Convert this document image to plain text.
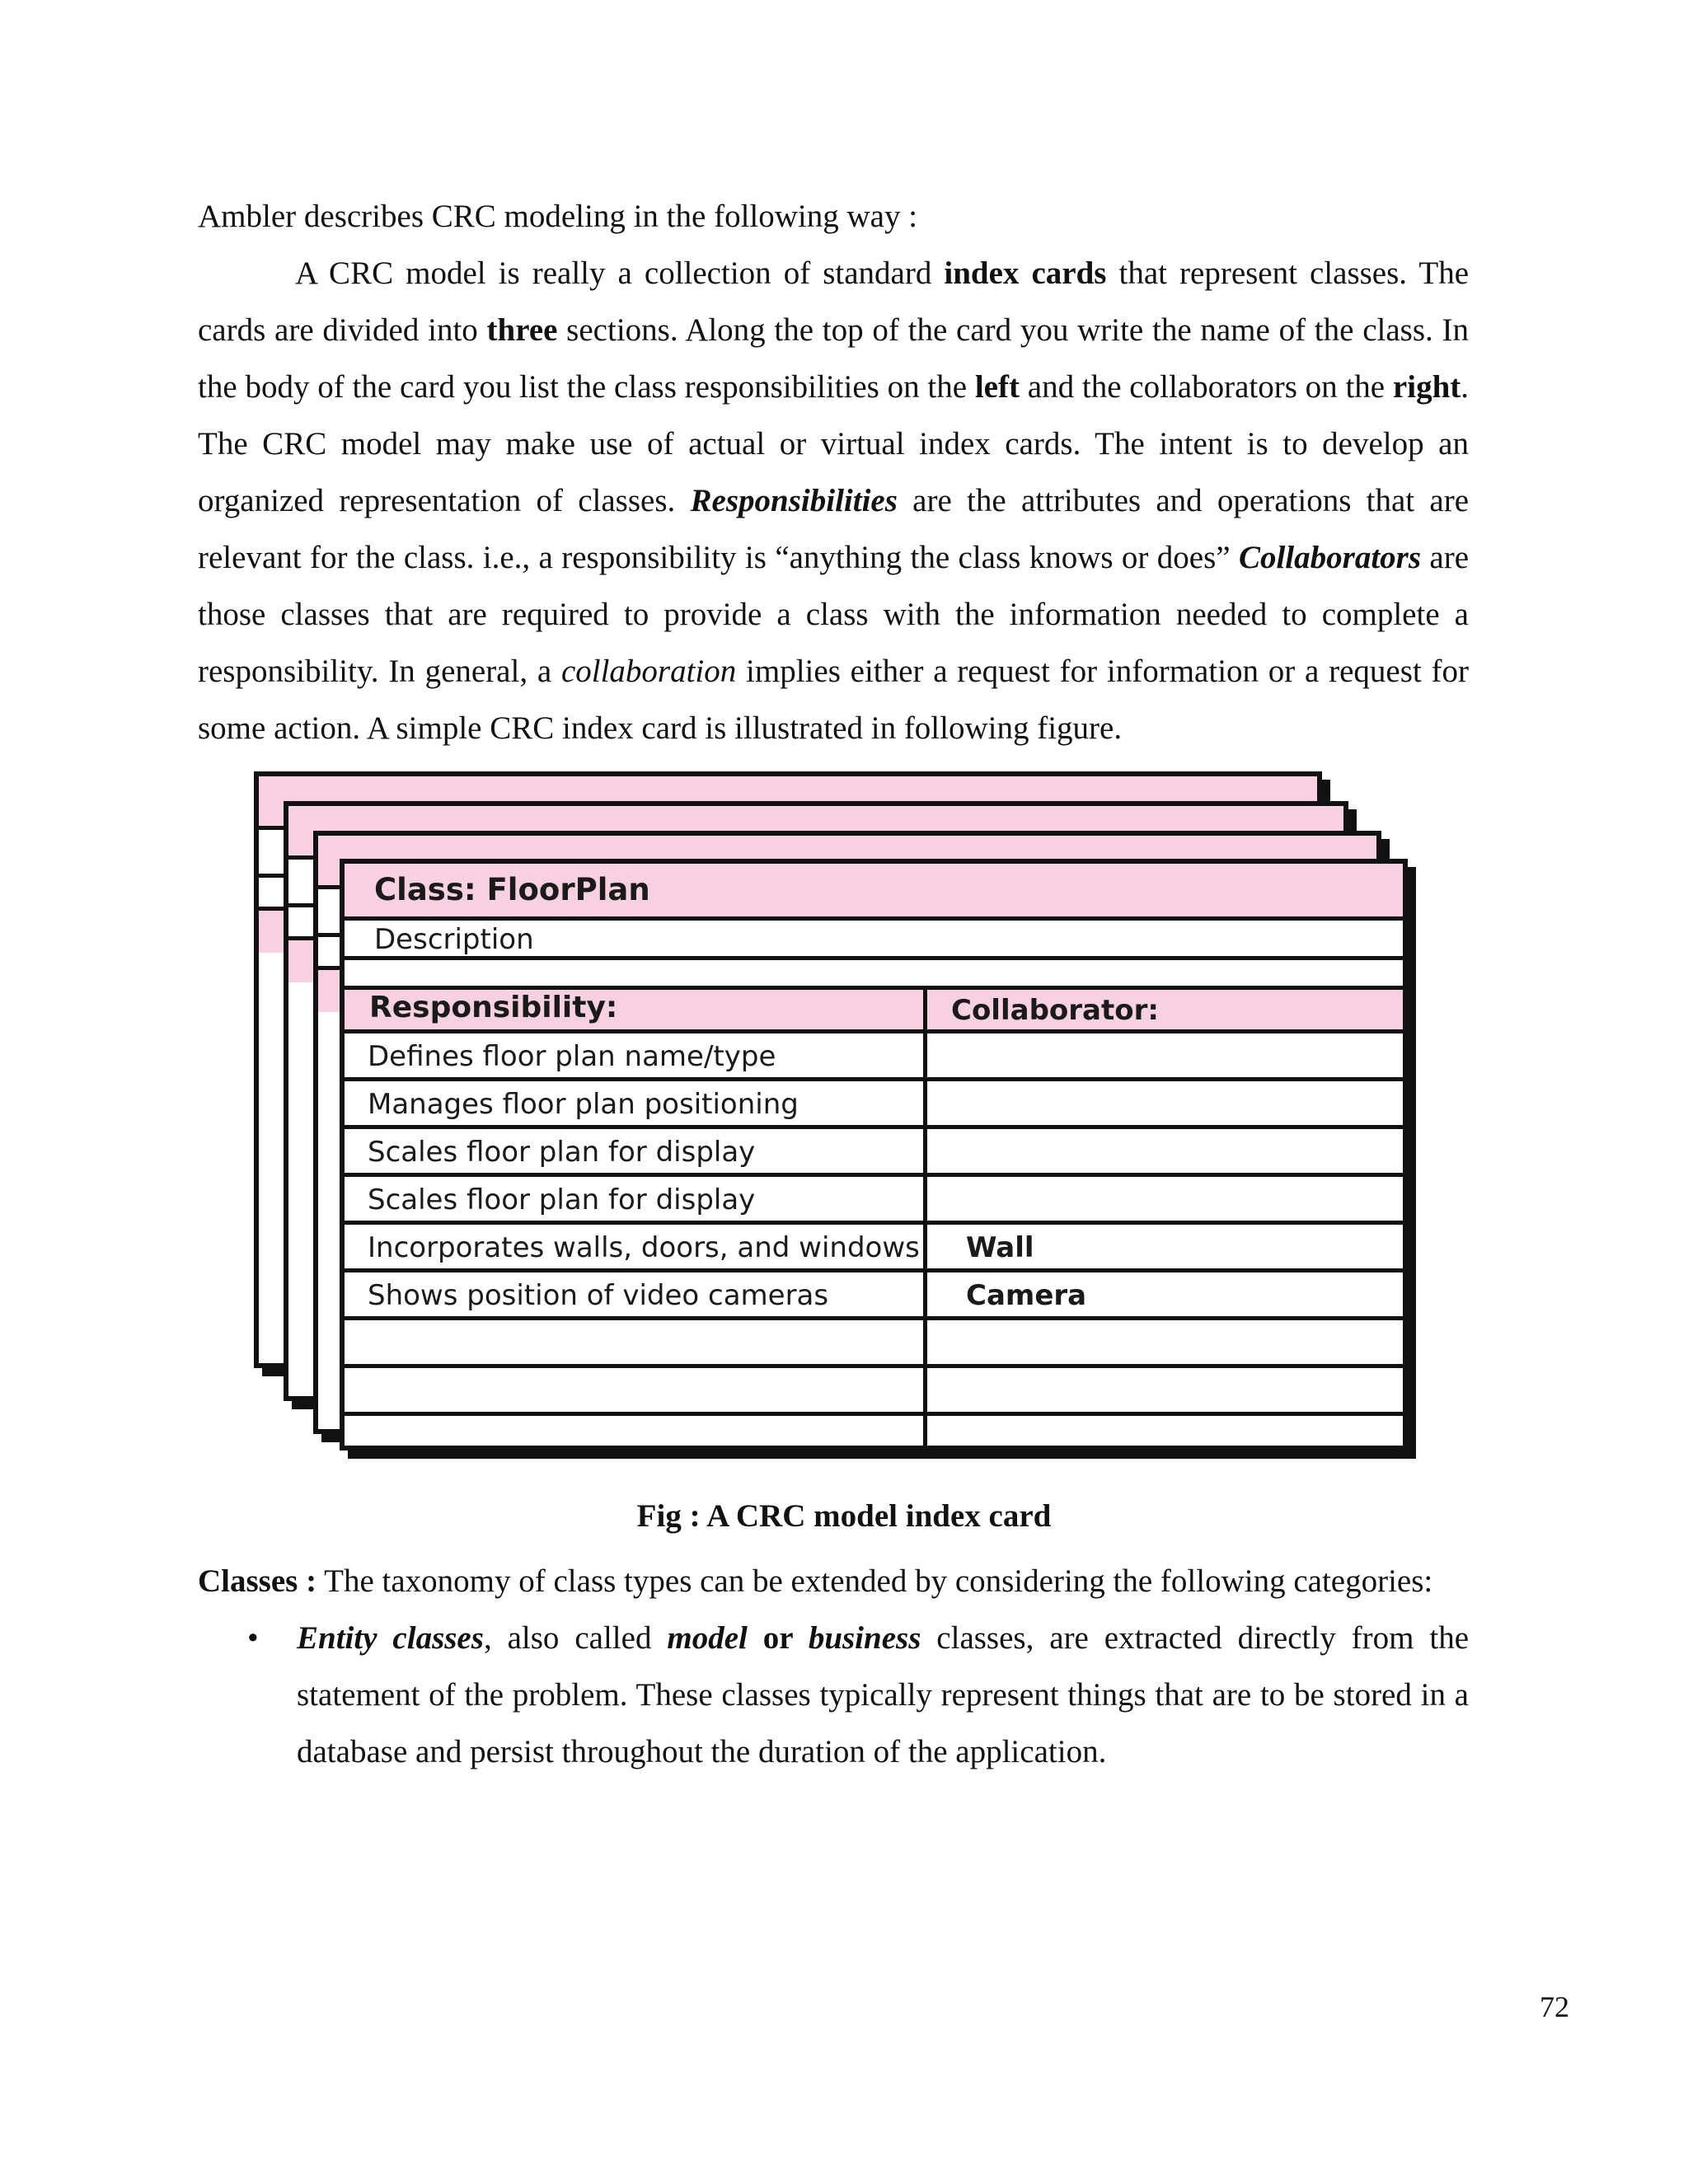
Ambler describes CRC modeling in the following way :
A CRC model is really a collection of standard index cards that represent classes. The
cards are divided into three sections. Along the top of the card you write the name of the class. In
the body of the card you list the class responsibilities on the left and the collaborators on the right.
The CRC model may make use of actual or virtual index cards. The intent is to develop an
organized representation of classes. Responsibilities are the attributes and operations that are
relevant for the class. i.e., a responsibility is “anything the class knows or does” Collaborators are
those classes that are required to provide a class with the information needed to complete a
responsibility. In general, a collaboration implies either a request for information or a request for
some action. A simple CRC index card is illustrated in following figure.
Class: FloorPlan
Description
Responsibility:	Collaborator:
Defines floor plan name/type
Manages floor plan positioning
Scales floor plan for display
Scales floor plan for display
Incorporates walls, doors, and windows Wall
Shows position of video cameras	Camera
Fig : A CRC model index card
Classes : The taxonomy of class types can be extended by considering the following categories:
• Entity classes, also called model or business classes, are extracted directly from the
statement of the problem. These classes typically represent things that are to be stored in a
database and persist throughout the duration of the application.
72
